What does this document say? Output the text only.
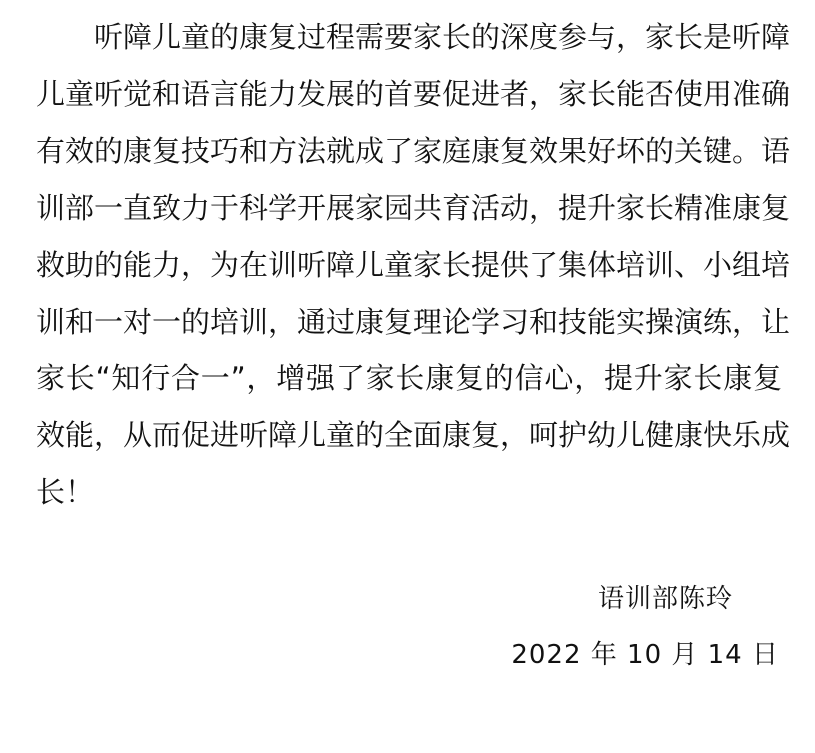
听障儿童的康复过程需要家长的深度参与，家长是听障
儿童听觉和语言能力发展的首要促进者，家长能否使用准确
有效的康复技巧和方法就成了家庭康复效果好坏的关键。语
训部一直致力于科学开展家园共育活动，提升家长精准康复
救助的能力，为在训听障儿童家长提供了集体培训、小组培
训和一对一的培训，通过康复理论学习和技能实操演练，让
家长“知行合一”，增强了家长康复的信心，提升家长康复
效能，从而促进听障儿童的全面康复，呵护幼儿健康快乐成
长！
语训部陈玲
2022 年 10 月 14 日
